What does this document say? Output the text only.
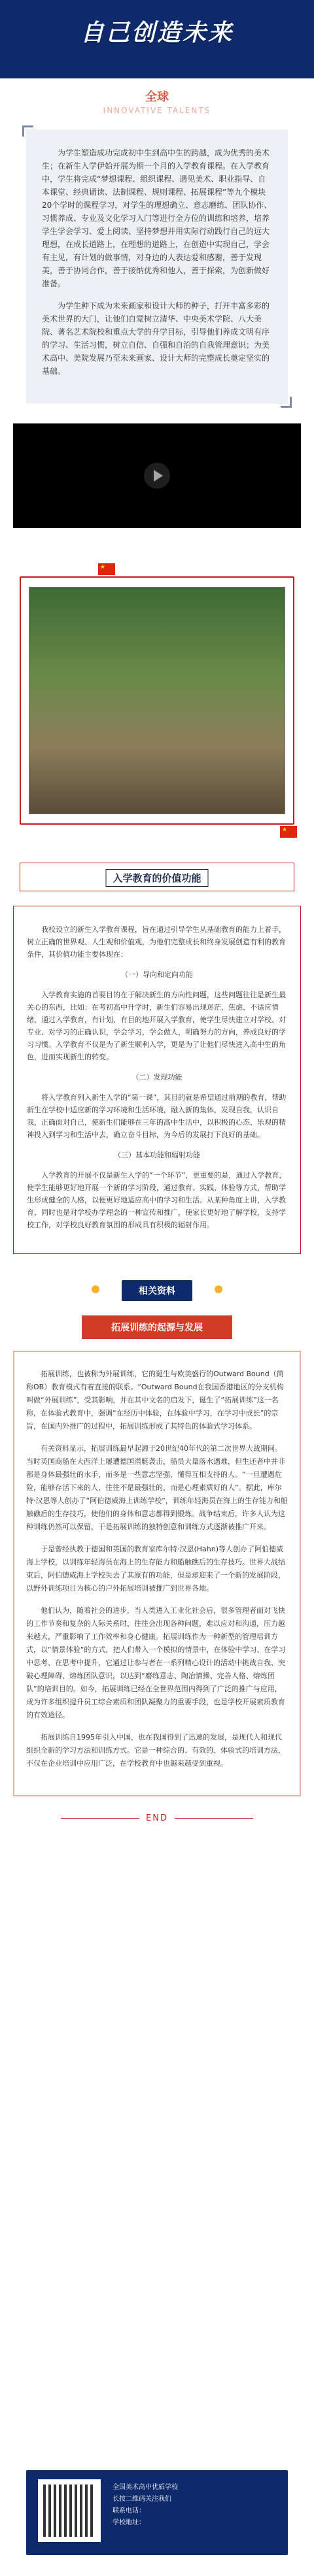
自己创造未来
全球
INNOVATIVE TALENTS

为学生塑造成功完成初中生到高中生的跨越，成为优秀的美术生；在新生入学伊始开展为期一个月的入学教育课程。在入学教育中，学生将完成“梦想课程、组织课程、遇见美术、职业指导、自本课堂、经典诵读、法制课程、规则课程、拓展课程”等九个模块20个学时的课程学习，对学生的理想确立、意志磨练、团队协作、习惯养成、专业及文化学习入门等进行全方位的训练和培养，培养学生学会学习、爱上阅读、坚持梦想并用实际行动践行自己的远大理想，在成长道路上，在理想的道路上，在创造中实现自己，学会有主见，有计划的做事情，对身边的人表达爱和感谢，善于发现美，善于协同合作，善于接纳优秀和他人，善于探索，为创新做好准备。

为学生种下成为未来画家和设计大师的种子，打开丰富多彩的美术世界的大门，让他们自觉树立清华、中央美术学院、八大美院、著名艺术院校和重点大学的升学目标，引导他们养成文明有序的学习、生活习惯，树立自信、自强和自治的自我管理意识；为美术高中、美院发展乃至未来画家、设计大师的完整成长奠定坚实的基础。

★
★
入学教育的价值功能

我校设立的新生入学教育课程，旨在通过引导学生从基础教育的能力上着手，树立正确的世界观、人生观和价值观，为他们完整成长和终身发展创造有利的教育条件，其价值功能主要体现在：

（一）导向和定向功能

入学教育实施的首要目的在于解决新生的方向性问题，这些问题往往是新生最关心的东西，比如：在考初高中升学时，新生们容易出现迷茫、焦虑、不适应情绪，通过入学教育，有计划、有目的地开展入学教育，使学生尽快建立对学校、对专业、对学习的正确认识，学会学习，学会做人，明确努力的方向，养成良好的学习习惯。入学教育不仅是为了新生顺利入学，更是为了让他们尽快进入高中生的角色，进而实现新生的转变。

（二）发现功能

将入学教育列入新生入学的“第一课”，其目的就是希望通过前期的教育，帮助新生在学校中适应新的学习环境和生活环境，融入新的集体，发现自我，认识自我，正确面对自己，使新生们能够在三年的高中生活中，以积极的心态、乐观的精神投入到学习和生活中去，确立奋斗目标，为今后的发展打下良好的基础。

（三）基本功能和辐射功能

入学教育的开展不仅是新生入学的“一个环节”，更重要的是，通过入学教育，使学生能够更好地开展一个新的学习阶段，通过教育、实践、体验等方式，帮助学生形成健全的人格，以便更好地适应高中的学习和生活。从某种角度上讲，入学教育，同时也是对学校办学理念的一种宣传和推广，使家长更好地了解学校，支持学校工作，对学校良好教育氛围的形成具有积极的辐射作用。

相关资料
拓展训练的起源与发展

拓展训练，也被称为外展训练，它的诞生与欧美盛行的Outward Bound（简称OB）教育模式有着直接的联系。“Outward Bound在我国香港地区的分支机构叫做“外展训练”，受其影响，并在其中文名的启发下，诞生了“拓展训练”这一名称，在体验式教育中，强调“在经历中体验，在体验中学习，在学习中成长”的宗旨，在国内外推广的过程中，拓展训练形成了其特色的体验式学习体系。

有关资料显示，拓展训练最早起源于20世纪40年代的第二次世界大战期间。当时英国商船在大西洋上屡遭德国潜艇袭击，船员大量落水遇难，但生还者中并非都是身体最强壮的水手，而多是一些意志坚强、懂得互相支持的人。“一旦遭遇危险，能够存活下来的人，往往不是最强壮的，而是心理素质好的人”。据此，库尔特·汉恩等人创办了“阿伯德威海上训练学校”，训练年轻海员在海上的生存能力和船触礁后的生存技巧，使他们的身体和意志都得到锻炼。战争结束后，许多人认为这种训练仍然可以保留，于是拓展训练的独特创意和训练方式逐渐被推广开来。

于是曾经执教于德国和英国的教育家库尔特·汉恩(Hahn)等人创办了阿伯德威海上学校，以训练年轻海员在海上的生存能力和船触礁后的生存技巧。世界大战结束后，阿伯德威海上学校失去了其原有的功能，但是却迎来了一个新的发展阶段，以野外训练项目为核心的户外拓展培训被推广到世界各地。

他们认为，随着社会的进步，当人类进入工业化社会后，很多管理者面对飞快的工作节奏和复杂的人际关系时，往往会出现各种问题，难以应对和沟通，压力越来越大，严重影响了工作效率和身心健康。拓展训练作为一种新型的管理培训方式，以“情景体验”的方式，把人们带入一个模拟的情景中，在体验中学习、在学习中思考、在思考中提升，它通过让参与者在一系列精心设计的活动中挑战自我、突破心理障碍、熔炼团队意识，以达到“磨练意志、陶冶情操、完善人格、熔炼团队”的培训目的。如今，拓展训练已经在全世界范围内得到了广泛的推广与应用，成为许多组织提升员工综合素质和团队凝聚力的重要手段，也是学校开展素质教育的有效途径。

拓展训练自1995年引入中国，也在我国得到了迅速的发展，是现代人和现代组织全新的学习方法和训练方式。它是一种综合的、有效的、体验式的培训方法，不仅在企业培训中应用广泛，在学校教育中也越来越受到重视。

END
全国美术高中优质学校
长按二维码关注我们
联系电话：
学校地址：
